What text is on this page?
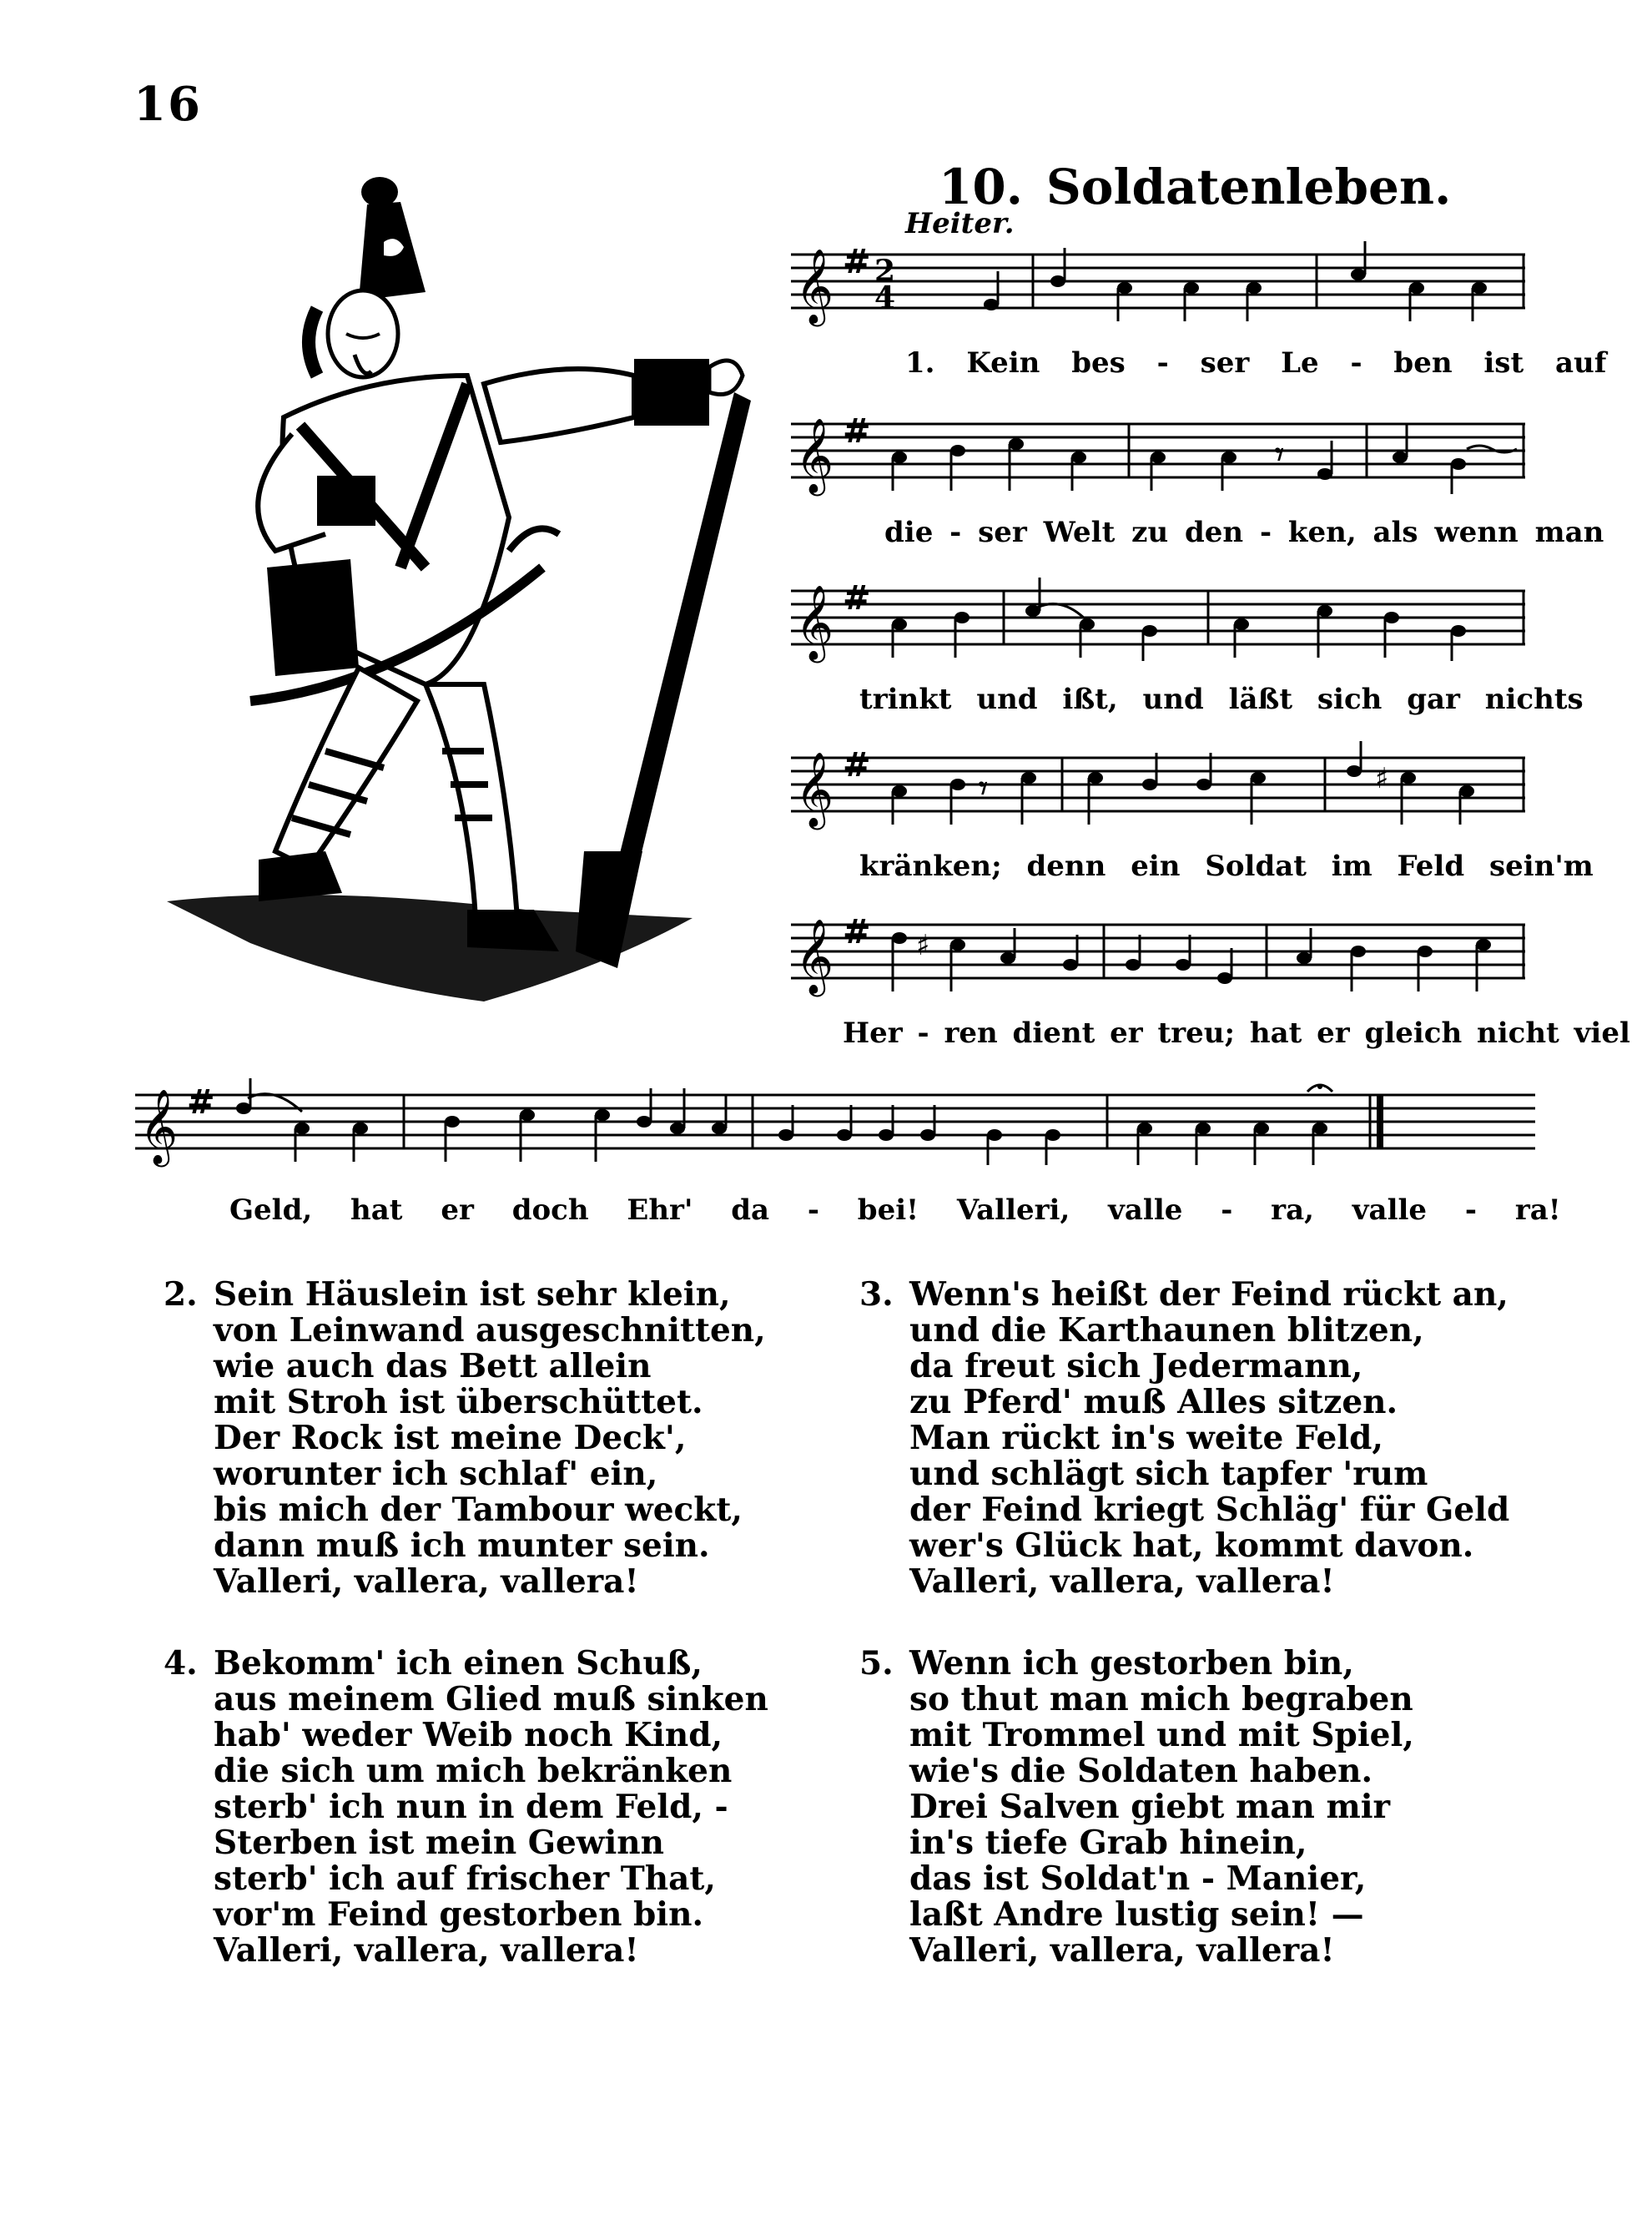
16
10. Soldatenleben.
Heiter.
𝄞 # 2
4
1. Kein bes - ser Le - ben ist auf
𝄞 #
𝄾
die - ser Welt zu den - ken, als wenn man
𝄞 #
trinkt und ißt, und läßt sich gar nichts
𝄞 #
𝄾	♯
kränken; denn ein Soldat im Feld sein'm
𝄞 # ♯
Her - ren dient er treu; hat er gleich nicht viel
𝄞 #
Geld, hat er doch Ehr' da - bei! Valleri, valle - ra, valle - ra!
2. Sein Häuslein ist sehr klein,
von Leinwand ausgeschnitten,
wie auch das Bett allein
mit Stroh ist überschüttet.
Der Rock ist meine Deck',
worunter ich schlaf' ein,
bis mich der Tambour weckt,
dann muß ich munter sein.
Valleri, vallera, vallera!
3. Wenn's heißt der Feind rückt an,
und die Karthaunen blitzen,
da freut sich Jedermann,
zu Pferd' muß Alles sitzen.
Man rückt in's weite Feld,
und schlägt sich tapfer 'rum
der Feind kriegt Schläg' für Geld
wer's Glück hat, kommt davon.
Valleri, vallera, vallera!
4. Bekomm' ich einen Schuß,
aus meinem Glied muß sinken
hab' weder Weib noch Kind,
die sich um mich bekränken
sterb' ich nun in dem Feld, -
Sterben ist mein Gewinn
sterb' ich auf frischer That,
vor'm Feind gestorben bin.
Valleri, vallera, vallera!
5. Wenn ich gestorben bin,
so thut man mich begraben
mit Trommel und mit Spiel,
wie's die Soldaten haben.
Drei Salven giebt man mir
in's tiefe Grab hinein,
das ist Soldat'n - Manier,
laßt Andre lustig sein! —
Valleri, vallera, vallera!
